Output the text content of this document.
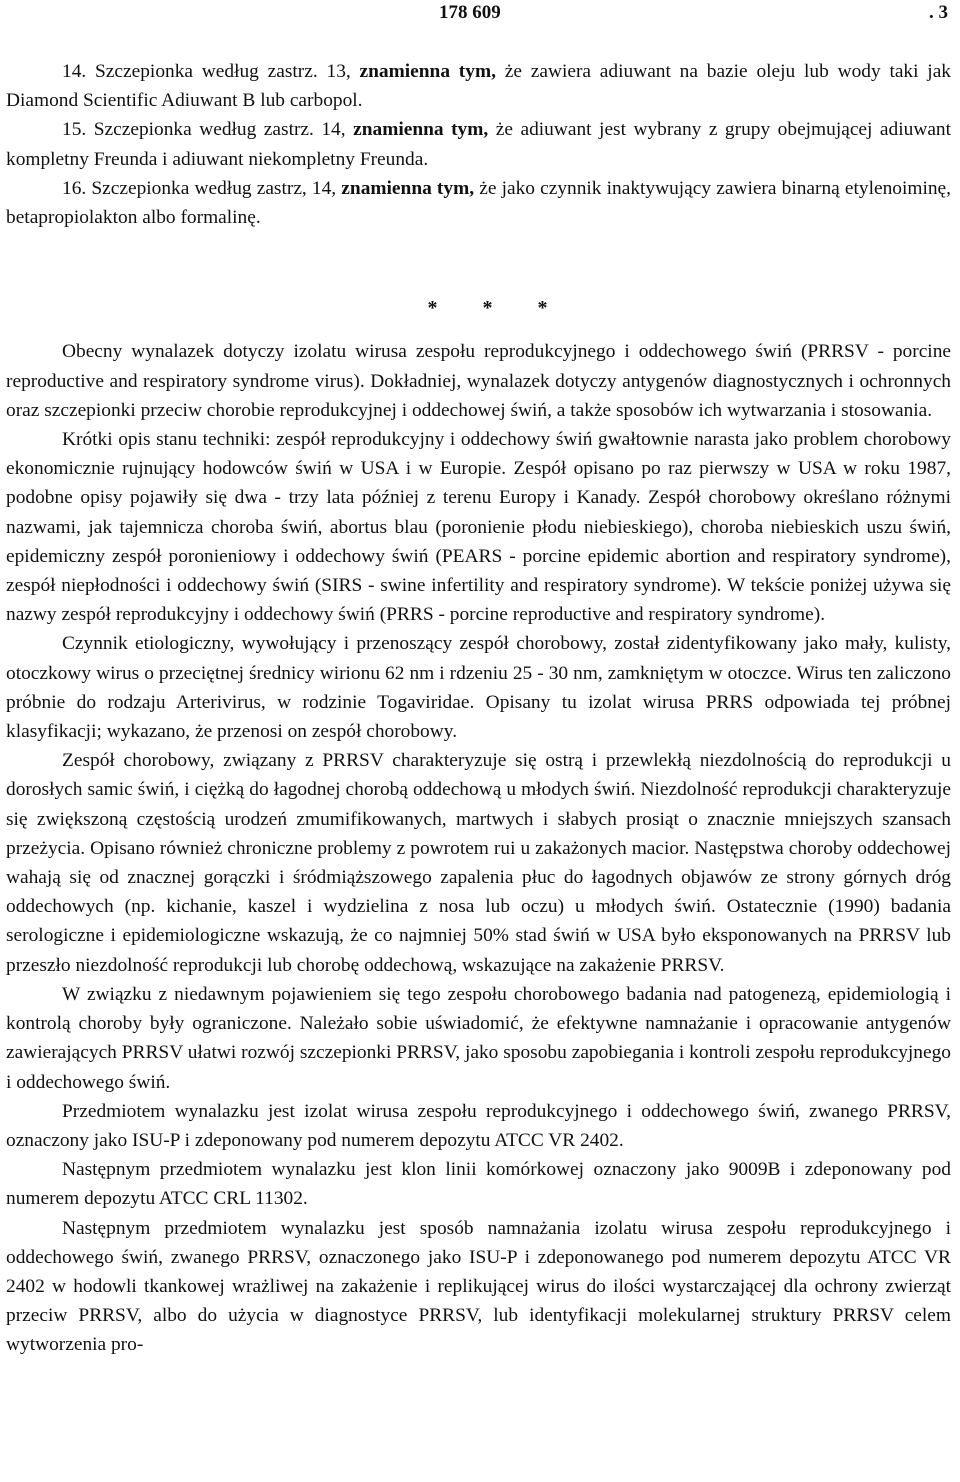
178 609	. 3

14. Szczepionka według zastrz. 13, znamienna tym, że zawiera adiuwant na bazie oleju lub wody taki jak Diamond Scientific Adiuwant B lub carbopol.

15. Szczepionka według zastrz. 14, znamienna tym, że adiuwant jest wybrany z grupy obejmującej adiuwant kompletny Freunda i adiuwant niekompletny Freunda.

16. Szczepionka według zastrz, 14, znamienna tym, że jako czynnik inaktywujący zawiera binarną etylenoiminę, betapropiolakton albo formalinę.

* * *

Obecny wynalazek dotyczy izolatu wirusa zespołu reprodukcyjnego i oddechowego świń (PRRSV - porcine reproductive and respiratory syndrome virus). Dokładniej, wynalazek dotyczy antygenów diagnostycznych i ochronnych oraz szczepionki przeciw chorobie reprodukcyjnej i oddechowej świń, a także sposobów ich wytwarzania i stosowania.

Krótki opis stanu techniki: zespół reprodukcyjny i oddechowy świń gwałtownie narasta jako problem chorobowy ekonomicznie rujnujący hodowców świń w USA i w Europie. Zespół opisano po raz pierwszy w USA w roku 1987, podobne opisy pojawiły się dwa - trzy lata później z terenu Europy i Kanady. Zespół chorobowy określano różnymi nazwami, jak tajemnicza choroba świń, abortus blau (poronienie płodu niebieskiego), choroba niebieskich uszu świń, epidemiczny zespół poronieniowy i oddechowy świń (PEARS - porcine epidemic abortion and respiratory syndrome), zespół niepłodności i oddechowy świń (SIRS - swine infertility and respiratory syndrome). W tekście poniżej używa się nazwy zespół reprodukcyjny i oddechowy świń (PRRS - porcine reproductive and respiratory syndrome).

Czynnik etiologiczny, wywołujący i przenoszący zespół chorobowy, został zidentyfikowany jako mały, kulisty, otoczkowy wirus o przeciętnej średnicy wirionu 62 nm i rdzeniu 25 - 30 nm, zamkniętym w otoczce. Wirus ten zaliczono próbnie do rodzaju Arterivirus, w rodzinie Togaviridae. Opisany tu izolat wirusa PRRS odpowiada tej próbnej klasyfikacji; wykazano, że przenosi on zespół chorobowy.

Zespół chorobowy, związany z PRRSV charakteryzuje się ostrą i przewlekłą niezdolnością do reprodukcji u dorosłych samic świń, i ciężką do łagodnej chorobą oddechową u młodych świń. Niezdolność reprodukcji charakteryzuje się zwiększoną częstością urodzeń zmumifikowanych, martwych i słabych prosiąt o znacznie mniejszych szansach przeżycia. Opisano również chroniczne problemy z powrotem rui u zakażonych macior. Następstwa choroby oddechowej wahają się od znacznej gorączki i śródmiąższowego zapalenia płuc do łagodnych objawów ze strony górnych dróg oddechowych (np. kichanie, kaszel i wydzielina z nosa lub oczu) u młodych świń. Ostatecznie (1990) badania serologiczne i epidemiologiczne wskazują, że co najmniej 50% stad świń w USA było eksponowanych na PRRSV lub przeszło niezdolność reprodukcji lub chorobę oddechową, wskazujące na zakażenie PRRSV.

W związku z niedawnym pojawieniem się tego zespołu chorobowego badania nad patogenezą, epidemiologią i kontrolą choroby były ograniczone. Należało sobie uświadomić, że efektywne namnażanie i opracowanie antygenów zawierających PRRSV ułatwi rozwój szczepionki PRRSV, jako sposobu zapobiegania i kontroli zespołu reprodukcyjnego i oddechowego świń.

Przedmiotem wynalazku jest izolat wirusa zespołu reprodukcyjnego i oddechowego świń, zwanego PRRSV, oznaczony jako ISU-P i zdeponowany pod numerem depozytu ATCC VR 2402.

Następnym przedmiotem wynalazku jest klon linii komórkowej oznaczony jako 9009B i zdeponowany pod numerem depozytu ATCC CRL 11302.

Następnym przedmiotem wynalazku jest sposób namnażania izolatu wirusa zespołu reprodukcyjnego i oddechowego świń, zwanego PRRSV, oznaczonego jako ISU-P i zdeponowanego pod numerem depozytu ATCC VR 2402 w hodowli tkankowej wrażliwej na zakażenie i replikującej wirus do ilości wystarczającej dla ochrony zwierząt przeciw PRRSV, albo do użycia w diagnostyce PRRSV, lub identyfikacji molekularnej struktury PRRSV celem wytworzenia pro-
